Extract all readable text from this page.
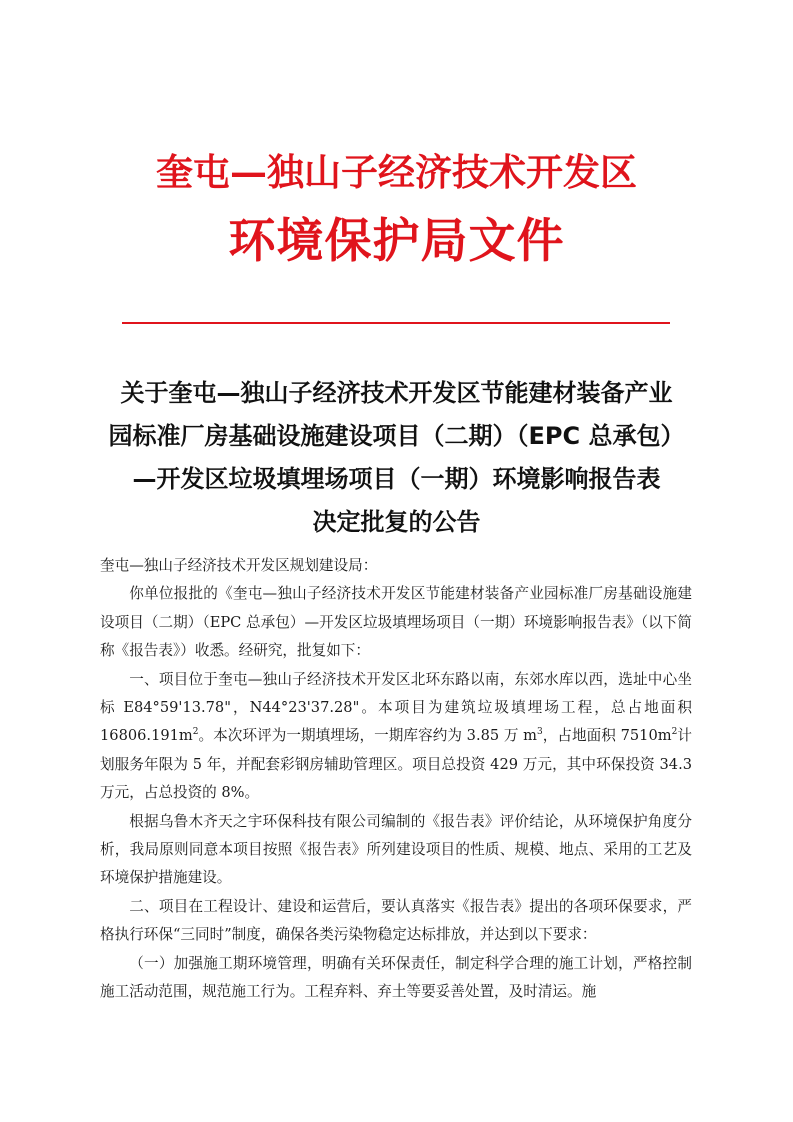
奎屯—独山子经济技术开发区
环境保护局文件
关于奎屯—独山子经济技术开发区节能建材装备产业
园标准厂房基础设施建设项目（二期）（EPC 总承包）
—开发区垃圾填埋场项目（一期）环境影响报告表
决定批复的公告

奎屯—独山子经济技术开发区规划建设局：

你单位报批的《奎屯—独山子经济技术开发区节能建材装备产业园标准厂房基础设施建设项目（二期）（EPC 总承包）—开发区垃圾填埋场项目（一期）环境影响报告表》（以下简称《报告表》）收悉。经研究，批复如下：

一、项目位于奎屯—独山子经济技术开发区北环东路以南，东郊水库以西，选址中心坐标 E84°59'13.78"，N44°23'37.28"。本项目为建筑垃圾填埋场工程，总占地面积 $16806.191m^2$。本次环评为一期填埋场，一期库容约为 3.85 万 $m^3$，占地面积 $7510m^2$计划服务年限为 5 年，并配套彩钢房辅助管理区。项目总投资 429 万元，其中环保投资 34.3 万元，占总投资的 8%。

根据乌鲁木齐天之宇环保科技有限公司编制的《报告表》评价结论，从环境保护角度分析，我局原则同意本项目按照《报告表》所列建设项目的性质、规模、地点、采用的工艺及环境保护措施建设。

二、项目在工程设计、建设和运营后，要认真落实《报告表》提出的各项环保要求，严格执行环保“三同时”制度，确保各类污染物稳定达标排放，并达到以下要求：

（一）加强施工期环境管理，明确有关环保责任，制定科学合理的施工计划，严格控制施工活动范围，规范施工行为。工程弃料、弃土等要妥善处置，及时清运。施
